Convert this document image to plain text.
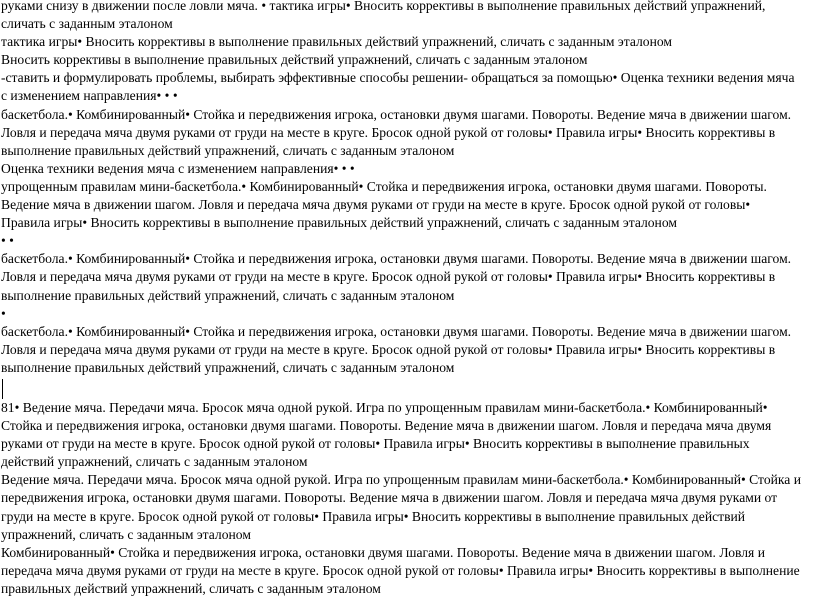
руками снизу в движении после ловли мяча. • тактика игры• Вносить коррективы в выполнение правильных действий упражнений, сличать с заданным эталоном

тактика игры• Вносить коррективы в выполнение правильных действий упражнений, сличать с заданным эталоном

Вносить коррективы в выполнение правильных действий упражнений, сличать с заданным эталоном

-ставить и формулировать проблемы, выбирать эффективные способы решении- обращаться за помощью• Оценка техники ведения мяча с изменением направления• • •

баскетбола.• Комбинированный• Стойка и передвижения игрока, остановки двумя шагами. Повороты. Ведение мяча в движении шагом. Ловля и передача мяча двумя руками от груди на месте в круге. Бросок одной рукой от головы• Правила игры• Вносить коррективы в выполнение правильных действий упражнений, сличать с заданным эталоном

Оценка техники ведения мяча с изменением направления• • •

упрощенным правилам мини-баскетбола.• Комбинированный• Стойка и передвижения игрока, остановки двумя шагами. Повороты. Ведение мяча в движении шагом. Ловля и передача мяча двумя руками от груди на месте в круге. Бросок одной рукой от головы• Правила игры• Вносить коррективы в выполнение правильных действий упражнений, сличать с заданным эталоном

• •

баскетбола.• Комбинированный• Стойка и передвижения игрока, остановки двумя шагами. Повороты. Ведение мяча в движении шагом. Ловля и передача мяча двумя руками от груди на месте в круге. Бросок одной рукой от головы• Правила игры• Вносить коррективы в выполнение правильных действий упражнений, сличать с заданным эталоном

•

баскетбола.• Комбинированный• Стойка и передвижения игрока, остановки двумя шагами. Повороты. Ведение мяча в движении шагом. Ловля и передача мяча двумя руками от груди на месте в круге. Бросок одной рукой от головы• Правила игры• Вносить коррективы в выполнение правильных действий упражнений, сличать с заданным эталоном

81• Ведение мяча. Передачи мяча. Бросок мяча одной рукой. Игра по упрощенным правилам мини-баскетбола.• Комбинированный• Стойка и передвижения игрока, остановки двумя шагами. Повороты. Ведение мяча в движении шагом. Ловля и передача мяча двумя руками от груди на месте в круге. Бросок одной рукой от головы• Правила игры• Вносить коррективы в выполнение правильных действий упражнений, сличать с заданным эталоном

Ведение мяча. Передачи мяча. Бросок мяча одной рукой. Игра по упрощенным правилам мини-баскетбола.• Комбинированный• Стойка и передвижения игрока, остановки двумя шагами. Повороты. Ведение мяча в движении шагом. Ловля и передача мяча двумя руками от груди на месте в круге. Бросок одной рукой от головы• Правила игры• Вносить коррективы в выполнение правильных действий упражнений, сличать с заданным эталоном

Комбинированный• Стойка и передвижения игрока, остановки двумя шагами. Повороты. Ведение мяча в движении шагом. Ловля и передача мяча двумя руками от груди на месте в круге. Бросок одной рукой от головы• Правила игры• Вносить коррективы в выполнение правильных действий упражнений, сличать с заданным эталоном
